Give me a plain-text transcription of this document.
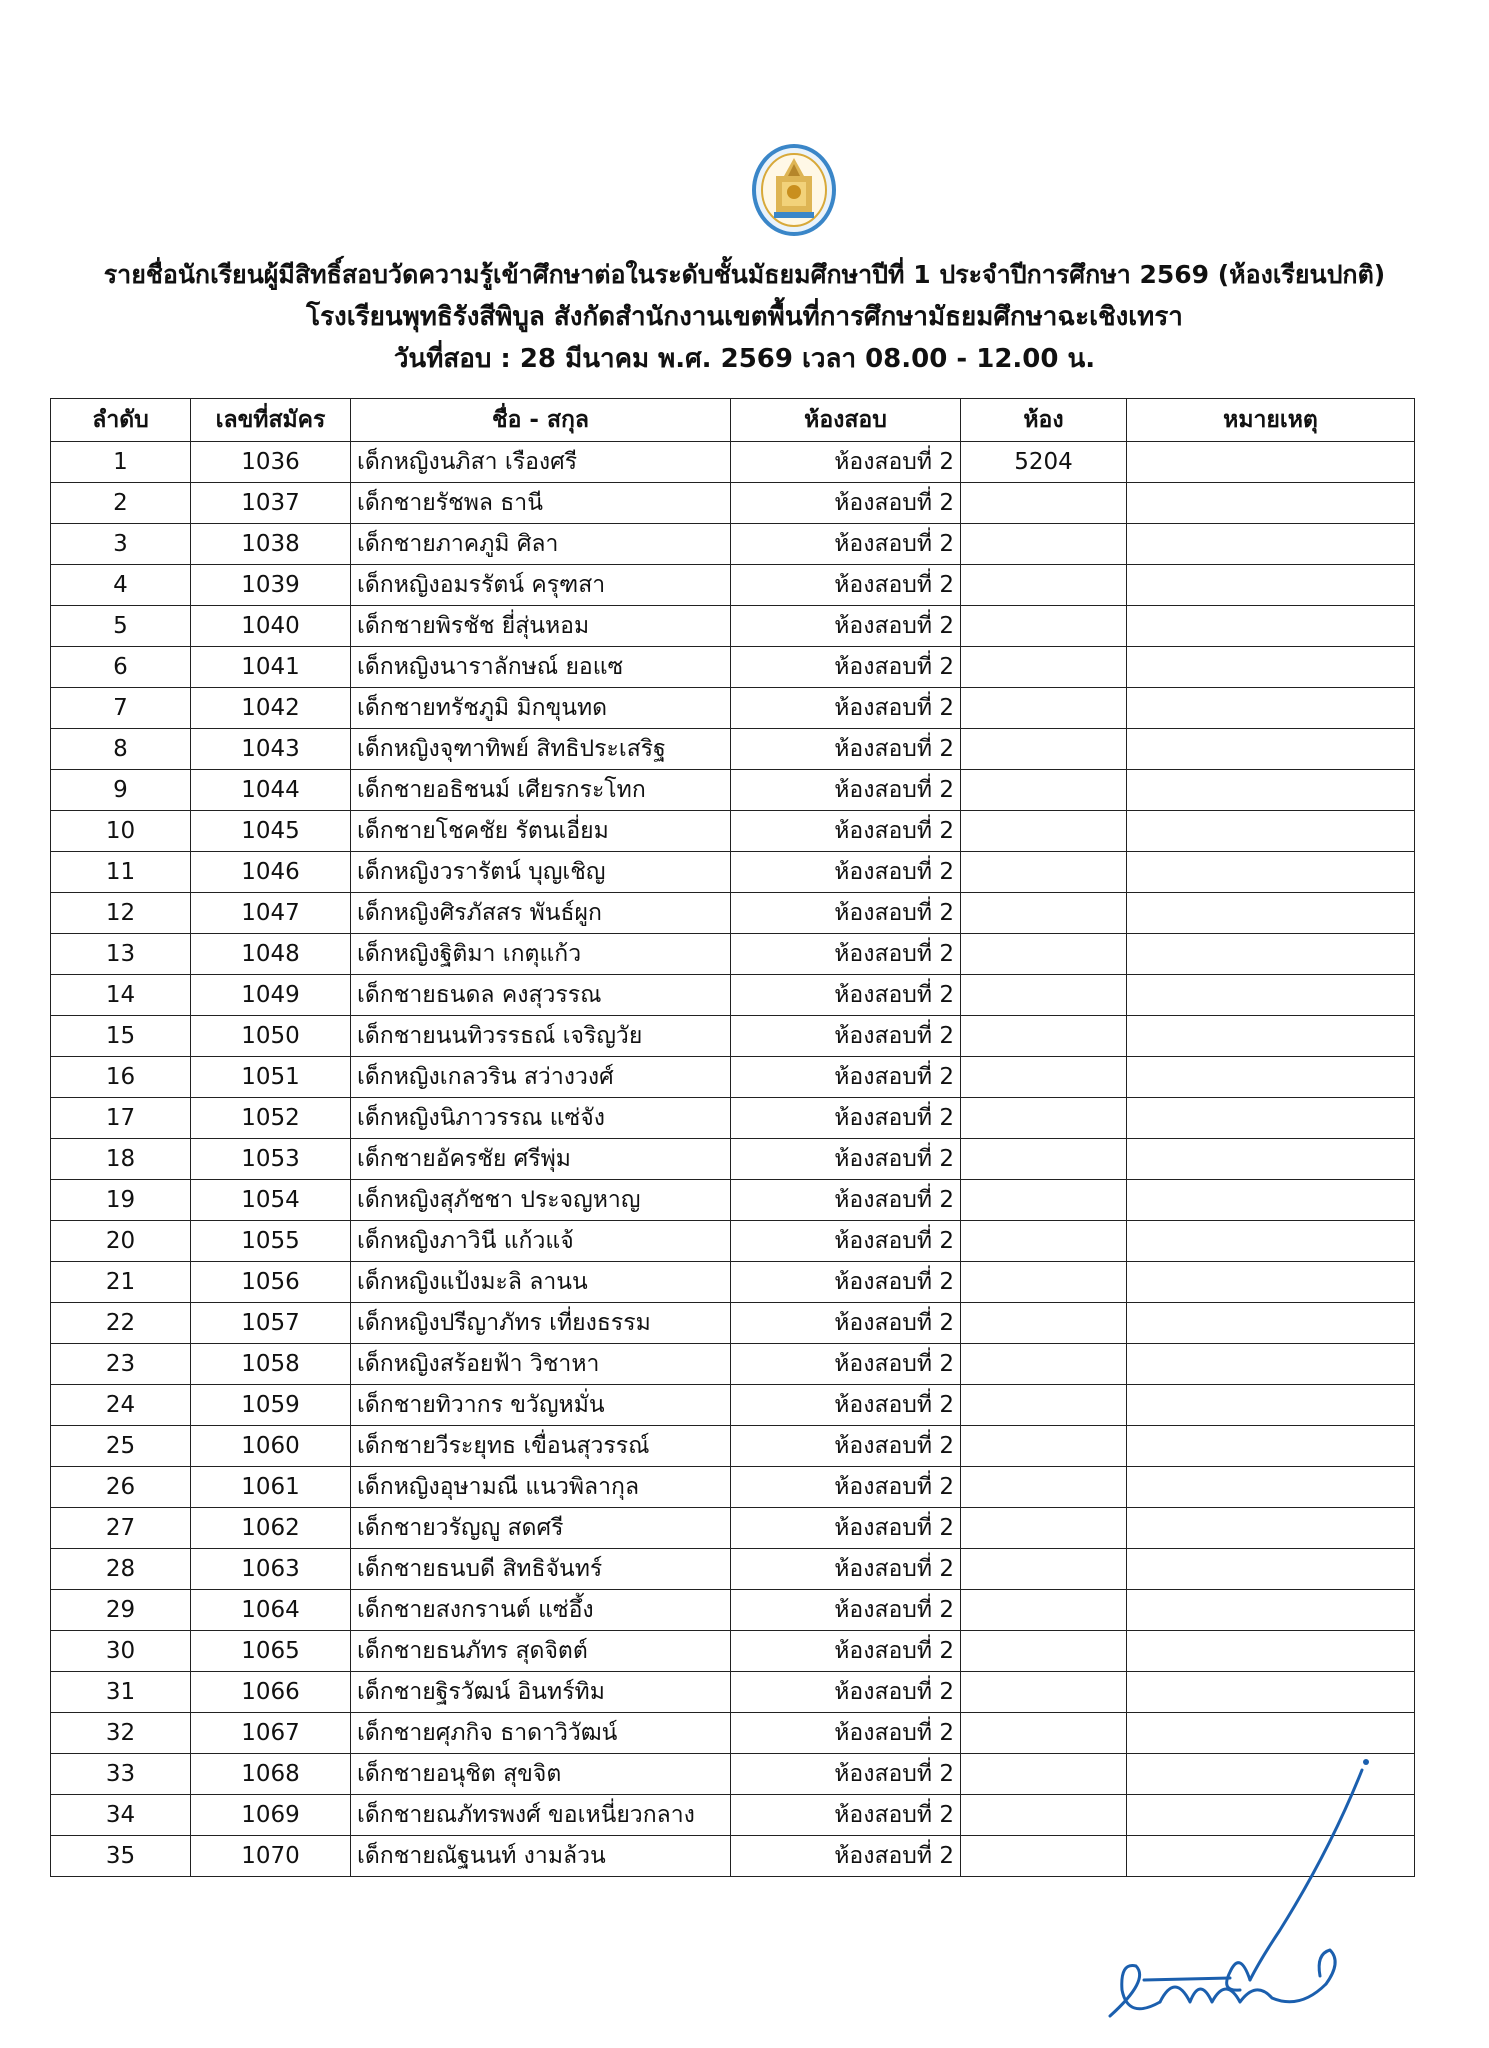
รายชื่อนักเรียนผู้มีสิทธิ์สอบวัดความรู้เข้าศึกษาต่อในระดับชั้นมัธยมศึกษาปีที่ 1 ประจำปีการศึกษา 2569 (ห้องเรียนปกติ)
โรงเรียนพุทธิรังสีพิบูล สังกัดสำนักงานเขตพื้นที่การศึกษามัธยมศึกษาฉะเชิงเทรา
วันที่สอบ : 28 มีนาคม พ.ศ. 2569 เวลา 08.00 - 12.00 น.
ลำดับ	เลขที่สมัคร	ชื่อ - สกุล	ห้องสอบ	ห้อง	หมายเหตุ
1	1036	เด็กหญิงนภิสา เรืองศรี	ห้องสอบที่ 2	5204	
2	1037	เด็กชายรัชพล ธานี	ห้องสอบที่ 2		
3	1038	เด็กชายภาคภูมิ ศิลา	ห้องสอบที่ 2		
4	1039	เด็กหญิงอมรรัตน์ ครุฑสา	ห้องสอบที่ 2		
5	1040	เด็กชายพิรชัช ยี่สุ่นหอม	ห้องสอบที่ 2		
6	1041	เด็กหญิงนาราลักษณ์ ยอแซ	ห้องสอบที่ 2		
7	1042	เด็กชายทรัชภูมิ มิกขุนทด	ห้องสอบที่ 2		
8	1043	เด็กหญิงจุฑาทิพย์ สิทธิประเสริฐ	ห้องสอบที่ 2		
9	1044	เด็กชายอธิชนม์ เศียรกระโทก	ห้องสอบที่ 2		
10	1045	เด็กชายโชคชัย รัตนเอี่ยม	ห้องสอบที่ 2		
11	1046	เด็กหญิงวรารัตน์ บุญเชิญ	ห้องสอบที่ 2		
12	1047	เด็กหญิงศิรภัสสร พันธ์ผูก	ห้องสอบที่ 2		
13	1048	เด็กหญิงฐิติมา เกตุแก้ว	ห้องสอบที่ 2		
14	1049	เด็กชายธนดล คงสุวรรณ	ห้องสอบที่ 2		
15	1050	เด็กชายนนทิวรรธณ์ เจริญวัย	ห้องสอบที่ 2		
16	1051	เด็กหญิงเกลวริน สว่างวงศ์	ห้องสอบที่ 2		
17	1052	เด็กหญิงนิภาวรรณ แซ่จัง	ห้องสอบที่ 2		
18	1053	เด็กชายอัครชัย ศรีพุ่ม	ห้องสอบที่ 2		
19	1054	เด็กหญิงสุภัชชา ประจญหาญ	ห้องสอบที่ 2		
20	1055	เด็กหญิงภาวินี แก้วแจ้	ห้องสอบที่ 2		
21	1056	เด็กหญิงแป้งมะลิ ลานน	ห้องสอบที่ 2		
22	1057	เด็กหญิงปรีญาภัทร เที่ยงธรรม	ห้องสอบที่ 2		
23	1058	เด็กหญิงสร้อยฟ้า วิชาหา	ห้องสอบที่ 2		
24	1059	เด็กชายทิวากร ขวัญหมั่น	ห้องสอบที่ 2		
25	1060	เด็กชายวีระยุทธ เขื่อนสุวรรณ์	ห้องสอบที่ 2		
26	1061	เด็กหญิงอุษามณี แนวพิลากุล	ห้องสอบที่ 2		
27	1062	เด็กชายวรัญญู สดศรี	ห้องสอบที่ 2		
28	1063	เด็กชายธนบดี สิทธิจันทร์	ห้องสอบที่ 2		
29	1064	เด็กชายสงกรานต์ แซ่อึ้ง	ห้องสอบที่ 2		
30	1065	เด็กชายธนภัทร สุดจิตต์	ห้องสอบที่ 2		
31	1066	เด็กชายฐิรวัฒน์ อินทร์ทิม	ห้องสอบที่ 2		
32	1067	เด็กชายศุภกิจ ธาดาวิวัฒน์	ห้องสอบที่ 2		
33	1068	เด็กชายอนุชิต สุขจิต	ห้องสอบที่ 2		
34	1069	เด็กชายณภัทรพงศ์ ขอเหนี่ยวกลาง	ห้องสอบที่ 2		
35	1070	เด็กชายณัฐนนท์ งามล้วน	ห้องสอบที่ 2		
